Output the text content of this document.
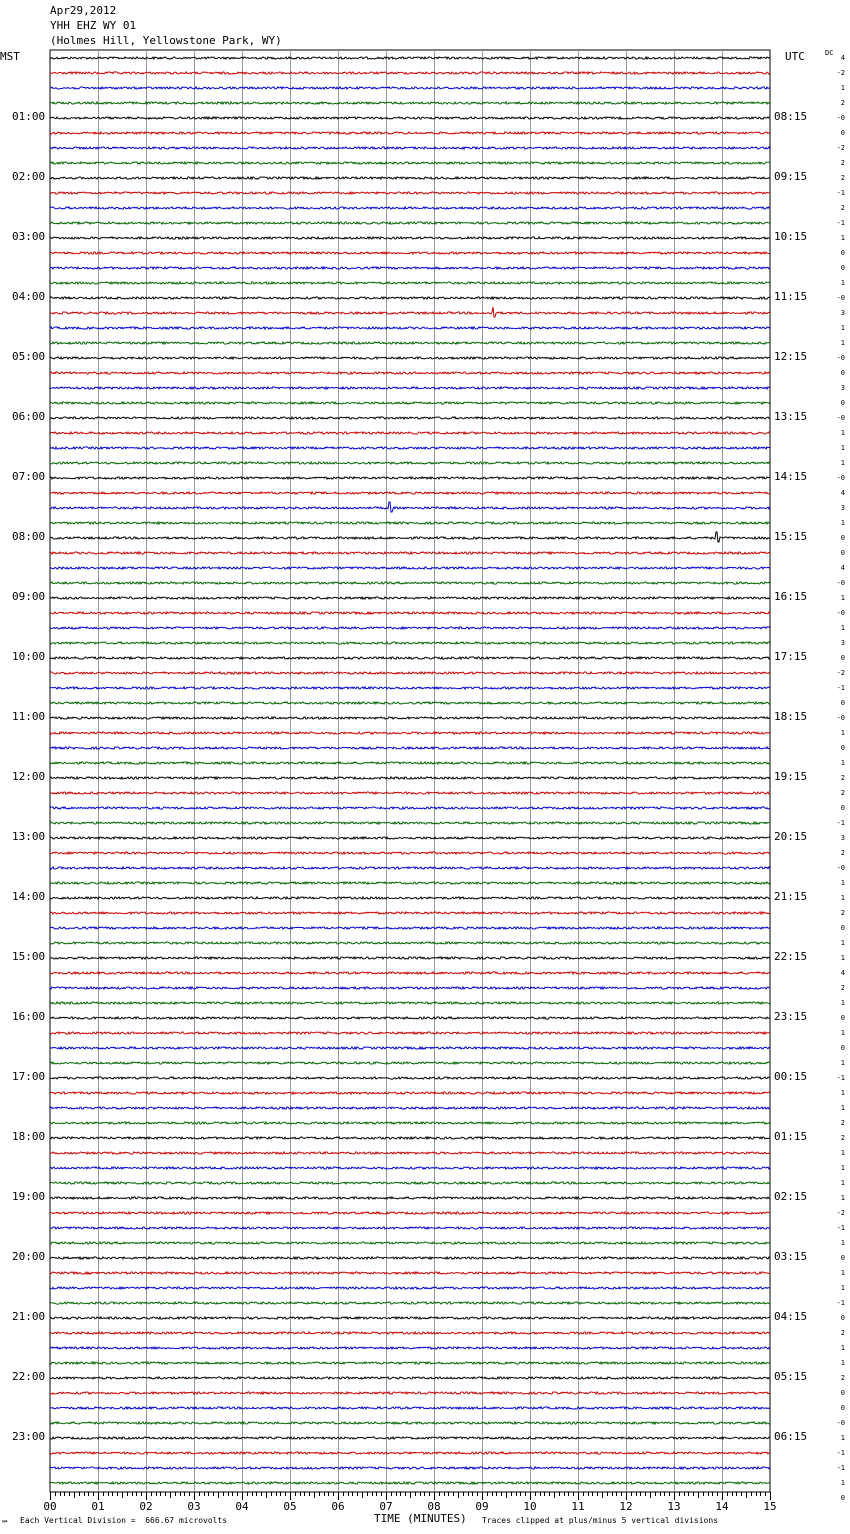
Apr29,2012
YHH EHZ WY 01
(Holmes Hill, Yellowstone Park, WY)
MST	UTC	DC
00	01	02	03	04	05	06	07	08	09	10	11	12	13	14	15
01:00	08:15
02:00	09:15
03:00	10:15
04:00	11:15
05:00	12:15
06:00	13:15
07:00	14:15
08:00	15:15
09:00	16:15
10:00	17:15
11:00	18:15
12:00	19:15
13:00	20:15
14:00	21:15
15:00	22:15
16:00	23:15
17:00	00:15
18:00	01:15
19:00	02:15
20:00	03:15
21:00	04:15
22:00	05:15
23:00	06:15
4
-2
1
2
-0
0
-2
2
2
-1
2
-1
1
0
0
1
-0
3
1
1
-0
0
3
0
-0
1
1
1
-0
4
3
1
0
0
4
-0
1
-0
1
3
0
-2
-1
0
-0
1
0
1
2
2
0
-1
3
2
-0
1
1
2
0
1
1
4
2
1
0
1
0
1
-1
1
1
2
2
1
1
1
1
-2
-1
1
0
1
1
-1
0
2
1
1
2
0
0
-0
1
-1
-1
1
0
℠ Each Vertical Division =  666.67 microvolts	TIME (MINUTES) Traces clipped at plus/minus 5 vertical divisions
